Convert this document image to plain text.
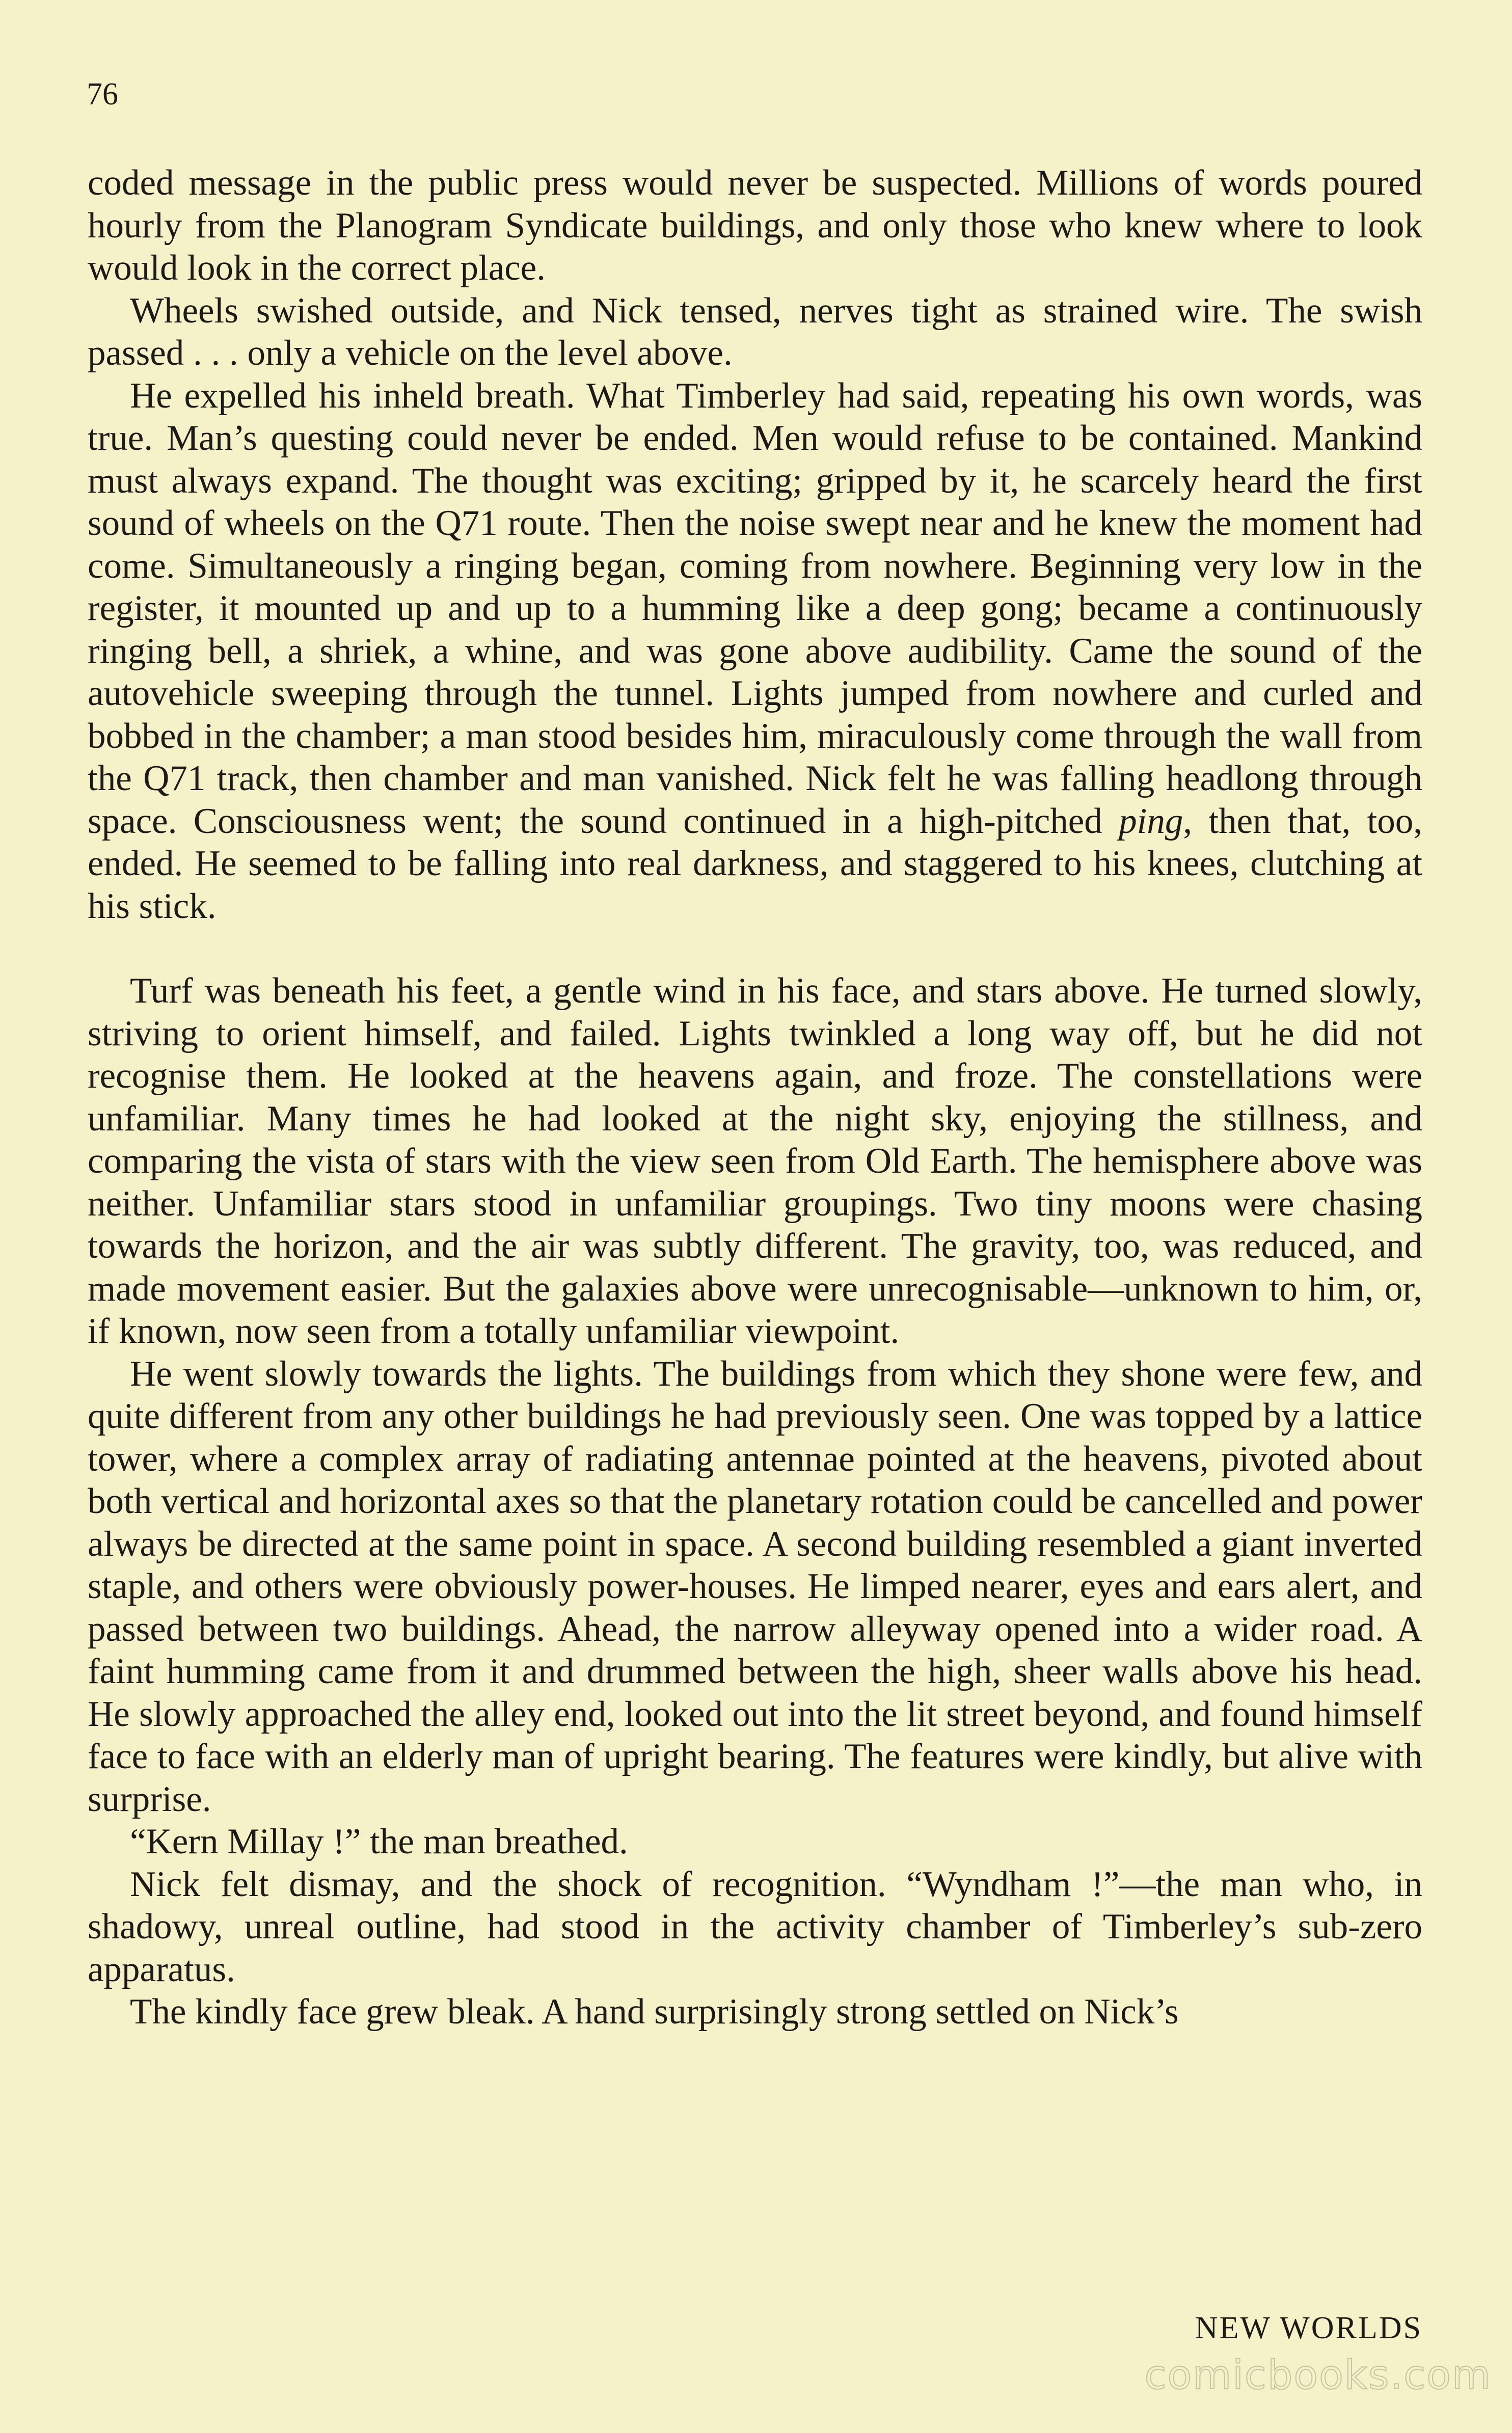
76

coded message in the public press would never be suspected. Millions of words poured hourly from the Planogram Syndicate buildings, and only those who knew where to look would look in the correct place.

Wheels swished outside, and Nick tensed, nerves tight as strained wire. The swish passed . . . only a vehicle on the level above.

He expelled his inheld breath. What Timberley had said, repeating his own words, was true. Man’s questing could never be ended. Men would refuse to be contained. Mankind must always expand. The thought was exciting; gripped by it, he scarcely heard the first sound of wheels on the Q71 route. Then the noise swept near and he knew the moment had come. Simultaneously a ringing began, coming from nowhere. Beginning very low in the register, it mounted up and up to a humming like a deep gong; became a continuously ringing bell, a shriek, a whine, and was gone above audibility. Came the sound of the autovehicle sweeping through the tunnel. Lights jumped from nowhere and curled and bobbed in the chamber; a man stood besides him, miraculously come through the wall from the Q71 track, then chamber and man vanished. Nick felt he was falling headlong through space. Consciousness went; the sound continued in a high-pitched ping, then that, too, ended. He seemed to be falling into real darkness, and staggered to his knees, clutching at his stick.

Turf was beneath his feet, a gentle wind in his face, and stars above. He turned slowly, striving to orient himself, and failed. Lights twinkled a long way off, but he did not recognise them. He looked at the heavens again, and froze. The constellations were unfamiliar. Many times he had looked at the night sky, enjoying the stillness, and comparing the vista of stars with the view seen from Old Earth. The hemisphere above was neither. Unfamiliar stars stood in unfamiliar groupings. Two tiny moons were chasing towards the horizon, and the air was subtly different. The gravity, too, was reduced, and made movement easier. But the galaxies above were unrecognisable—unknown to him, or, if known, now seen from a totally unfamiliar viewpoint.

He went slowly towards the lights. The buildings from which they shone were few, and quite different from any other buildings he had previously seen. One was topped by a lattice tower, where a complex array of radiating antennae pointed at the heavens, pivoted about both vertical and horizontal axes so that the planetary rotation could be cancelled and power always be directed at the same point in space. A second building resembled a giant inverted staple, and others were obviously power-houses. He limped nearer, eyes and ears alert, and passed between two buildings. Ahead, the narrow alleyway opened into a wider road. A faint humming came from it and drummed between the high, sheer walls above his head. He slowly approached the alley end, looked out into the lit street beyond, and found himself face to face with an elderly man of upright bearing. The features were kindly, but alive with surprise.

“Kern Millay !” the man breathed.

Nick felt dismay, and the shock of recognition. “Wyndham !”—the man who, in shadowy, unreal outline, had stood in the activity chamber of Timberley’s sub-zero apparatus.

The kindly face grew bleak. A hand surprisingly strong settled on Nick’s

NEW WORLDS
comicbooks.com
